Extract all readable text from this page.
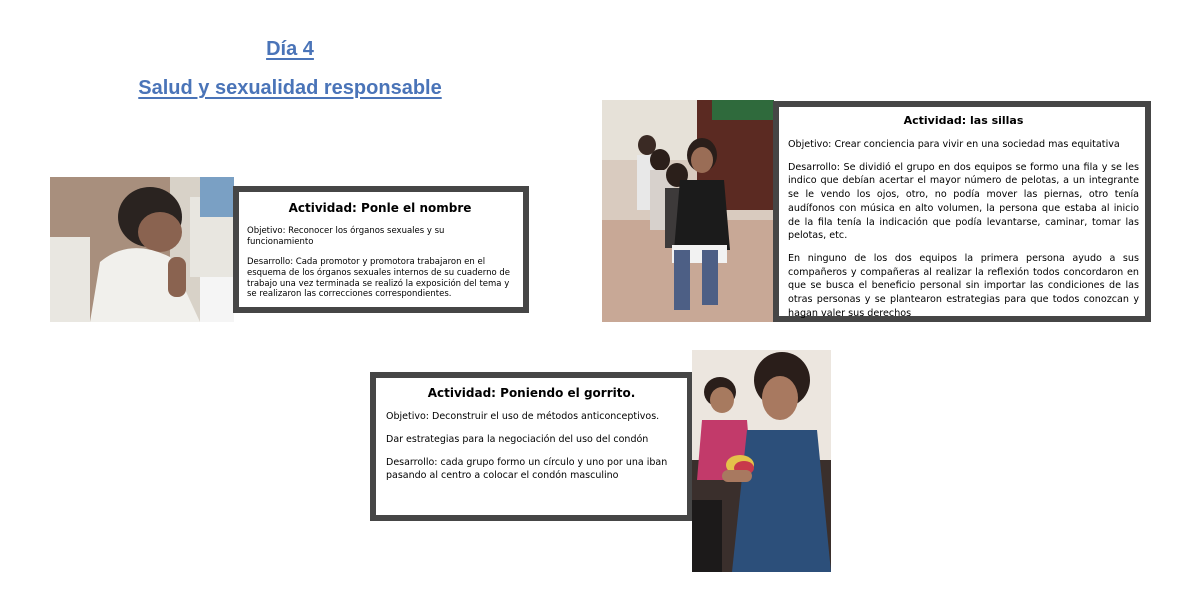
Día 4
Salud y sexualidad responsable
Actividad: Ponle el nombre

Objetivo: Reconocer los órganos sexuales y su funcionamiento

Desarrollo: Cada promotor y promotora trabajaron en el esquema de los órganos sexuales internos de su cuaderno de trabajo una vez terminada se realizó la exposición del tema y se realizaron las correcciones correspondientes.

Actividad: las sillas

Objetivo: Crear conciencia para vivir en una sociedad mas equitativa

Desarrollo: Se dividió el grupo en dos equipos se formo una fila y se les indico que debían acertar el mayor número de pelotas, a un integrante se le vendo los ojos, otro, no podía mover las piernas, otro tenía audífonos con música en alto volumen, la persona que estaba al inicio de la fila tenía la indicación que podía levantarse, caminar, tomar las pelotas, etc.

En ninguno de los dos equipos la primera persona ayudo a sus compañeros y compañeras al realizar la reflexión todos concordaron en que se busca el beneficio personal sin importar las condiciones de las otras personas y se plantearon estrategias para que todos conozcan y hagan valer sus derechos

Actividad: Poniendo el gorrito.

Objetivo: Deconstruir el uso de métodos anticonceptivos.

Dar estrategias para la negociación del uso del condón

Desarrollo: cada grupo formo un círculo y uno por una iban pasando al centro a colocar el condón masculino
